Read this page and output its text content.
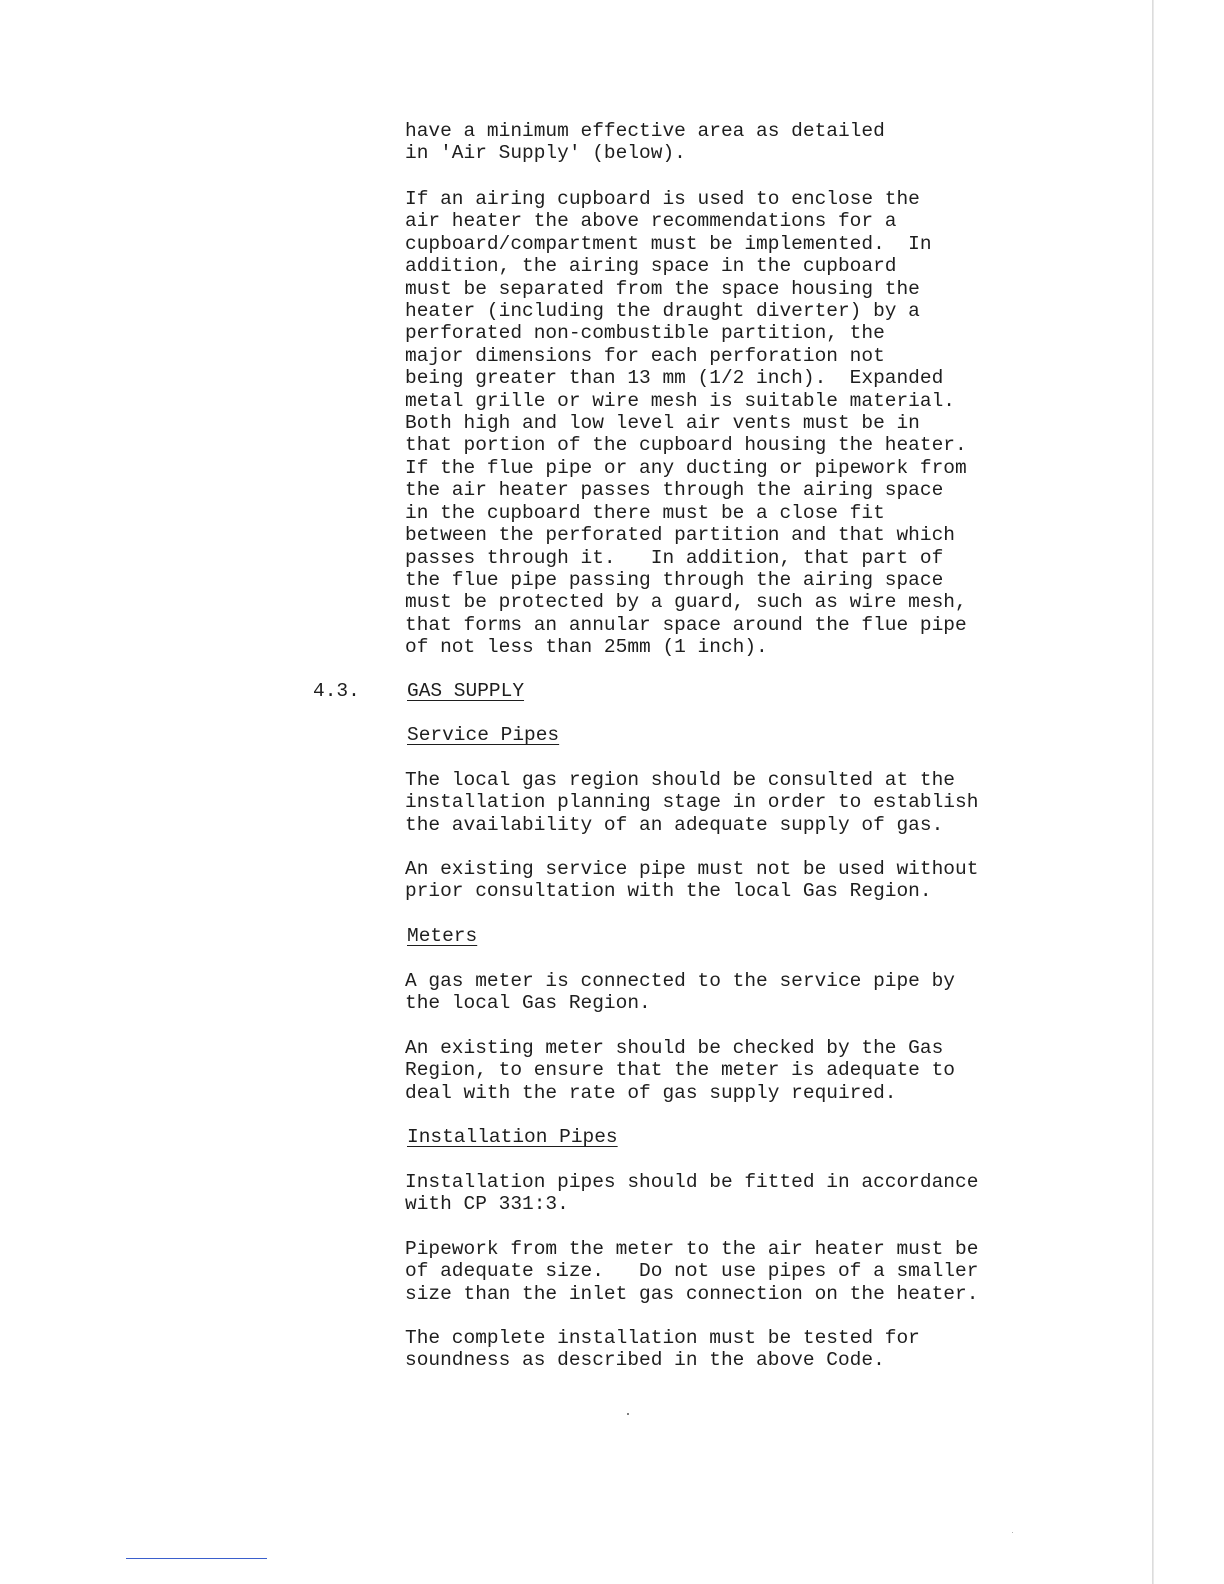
have a minimum effective area as detailed
in 'Air Supply' (below).

If an airing cupboard is used to enclose the
air heater the above recommendations for a
cupboard/compartment must be implemented.  In
addition, the airing space in the cupboard
must be separated from the space housing the
heater (including the draught diverter) by a
perforated non-combustible partition, the
major dimensions for each perforation not
being greater than 13 mm (1/2 inch).  Expanded
metal grille or wire mesh is suitable material.
Both high and low level air vents must be in
that portion of the cupboard housing the heater.
If the flue pipe or any ducting or pipework from
the air heater passes through the airing space
in the cupboard there must be a close fit
between the perforated partition and that which
passes through it.   In addition, that part of
the flue pipe passing through the airing space
must be protected by a guard, such as wire mesh,
that forms an annular space around the flue pipe
of not less than 25mm (1 inch).

4.3. GAS SUPPLY

Service Pipes

The local gas region should be consulted at the
installation planning stage in order to establish
the availability of an adequate supply of gas.

An existing service pipe must not be used without
prior consultation with the local Gas Region.

Meters

A gas meter is connected to the service pipe by
the local Gas Region.

An existing meter should be checked by the Gas
Region, to ensure that the meter is adequate to
deal with the rate of gas supply required.

Installation Pipes

Installation pipes should be fitted in accordance
with CP 331:3.

Pipework from the meter to the air heater must be
of adequate size.   Do not use pipes of a smaller
size than the inlet gas connection on the heater.

The complete installation must be tested for
soundness as described in the above Code.
